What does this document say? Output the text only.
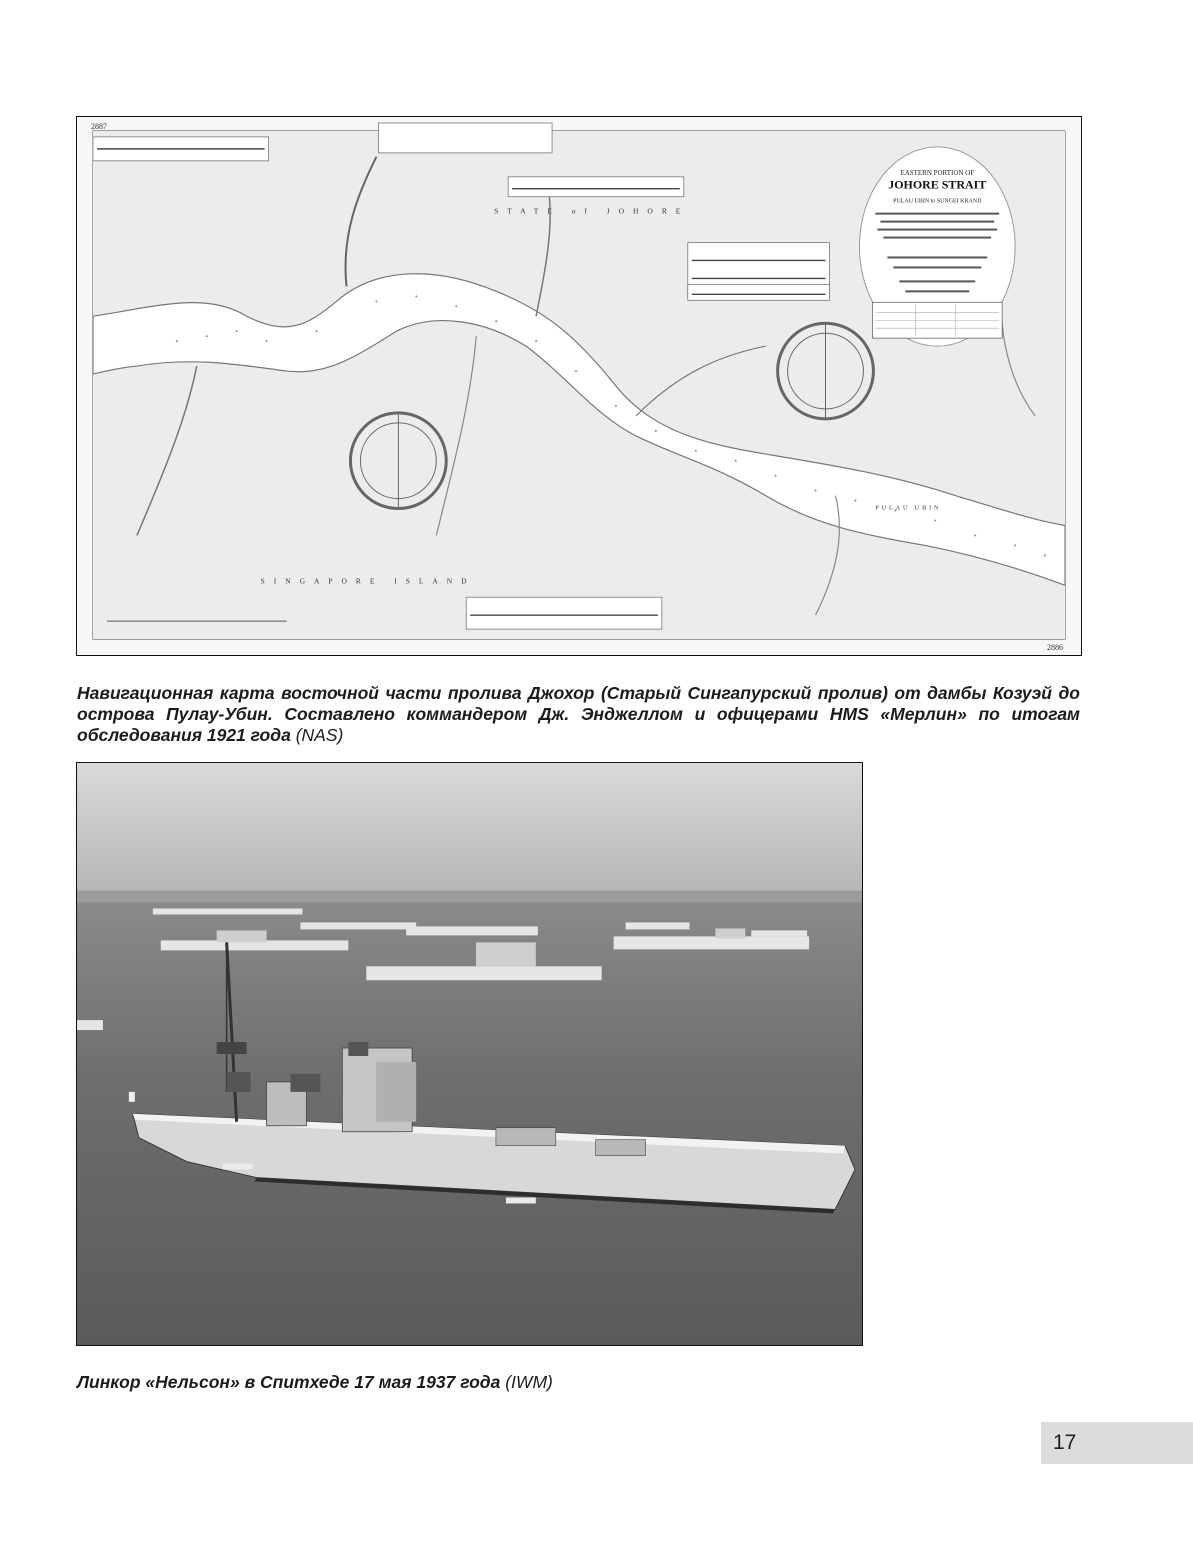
2887
2886
EASTERN PORTION OF
JOHORE STRAIT
PULAU UBIN to SUNGEI KRANJI
STATE of JOHORE
SINGAPORE ISLAND
PULAU UBIN
Навигационная карта восточной части пролива Джохор (Старый Сингапурский пролив) от дамбы Козуэй до острова Пулау-Убин. Составлено коммандером Дж. Энджеллом и офицерами HMS «Мерлин» по итогам обследования 1921 года (NAS)
Линкор «Нельсон» в Спитхеде 17 мая 1937 года (IWM)
17
